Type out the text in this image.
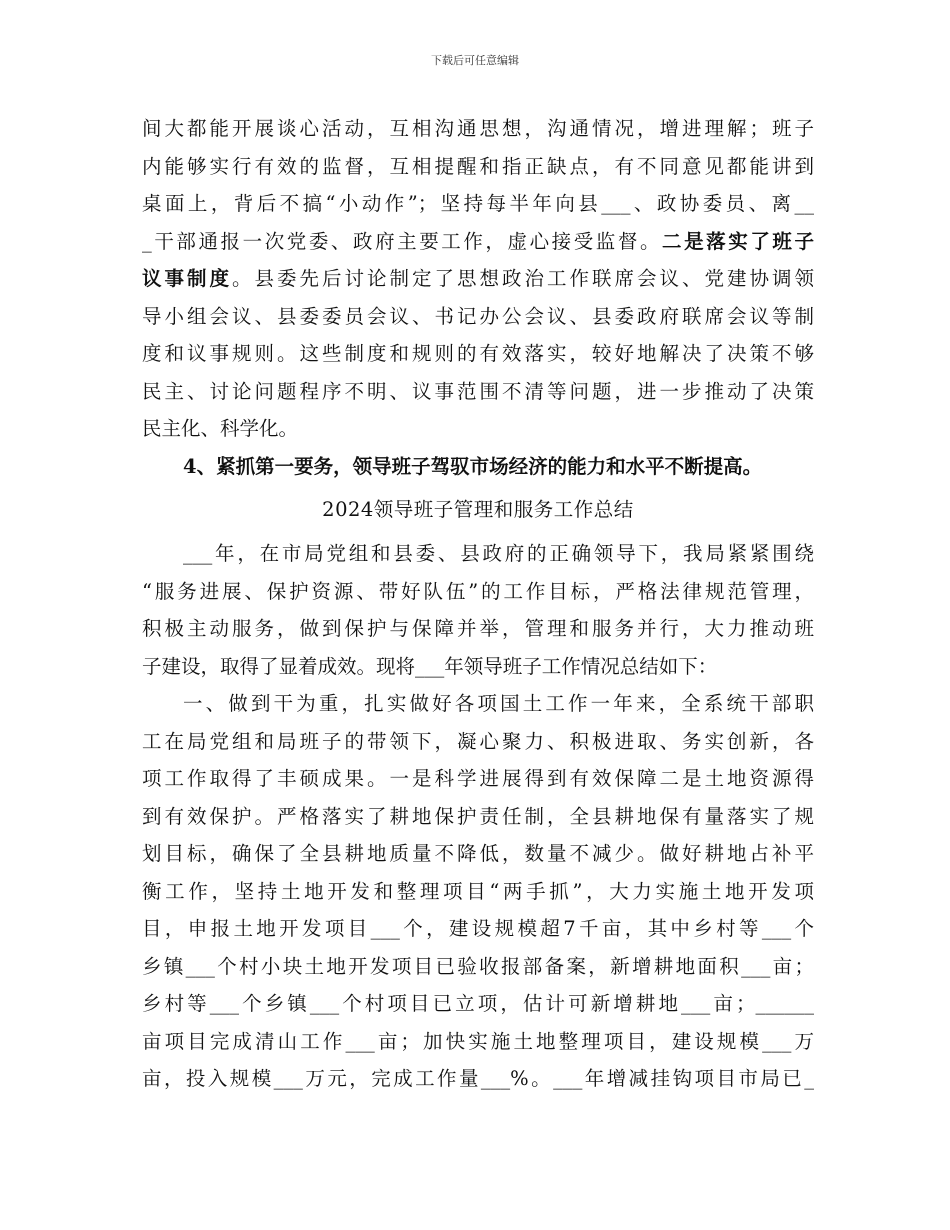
下载后可任意编辑
间大都能开展谈心活动，互相沟通思想，沟通情况，增进理解；班子
内能够实行有效的监督，互相提醒和指正缺点，有不同意见都能讲到
桌面上，背后不搞“小动作”；坚持每半年向县___、政协委员、离__
_干部通报一次党委、政府主要工作，虚心接受监督。二是落实了班子
议事制度。县委先后讨论制定了思想政治工作联席会议、党建协调领
导小组会议、县委委员会议、书记办公会议、县委政府联席会议等制
度和议事规则。这些制度和规则的有效落实，较好地解决了决策不够
民主、讨论问题程序不明、议事范围不清等问题，进一步推动了决策
民主化、科学化。
4、紧抓第一要务，领导班子驾驭市场经济的能力和水平不断提高。
2024领导班子管理和服务工作总结
___年，在市局党组和县委、县政府的正确领导下，我局紧紧围绕
“服务进展、保护资源、带好队伍”的工作目标，严格法律规范管理，
积极主动服务，做到保护与保障并举，管理和服务并行，大力推动班
子建设，取得了显着成效。现将___年领导班子工作情况总结如下：
一、做到干为重，扎实做好各项国土工作一年来，全系统干部职
工在局党组和局班子的带领下，凝心聚力、积极进取、务实创新，各
项工作取得了丰硕成果。一是科学进展得到有效保障二是土地资源得
到有效保护。严格落实了耕地保护责任制，全县耕地保有量落实了规
划目标，确保了全县耕地质量不降低，数量不减少。做好耕地占补平
衡工作，坚持土地开发和整理项目“两手抓”，大力实施土地开发项
目，申报土地开发项目___个，建设规模超7千亩，其中乡村等___个
乡镇___个村小块土地开发项目已验收报部备案，新增耕地面积___亩；
乡村等___个乡镇___个村项目已立项，估计可新增耕地___亩；______
亩项目完成清山工作___亩；加快实施土地整理项目，建设规模___万
亩，投入规模___万元，完成工作量___%。___年增减挂钩项目市局已_
